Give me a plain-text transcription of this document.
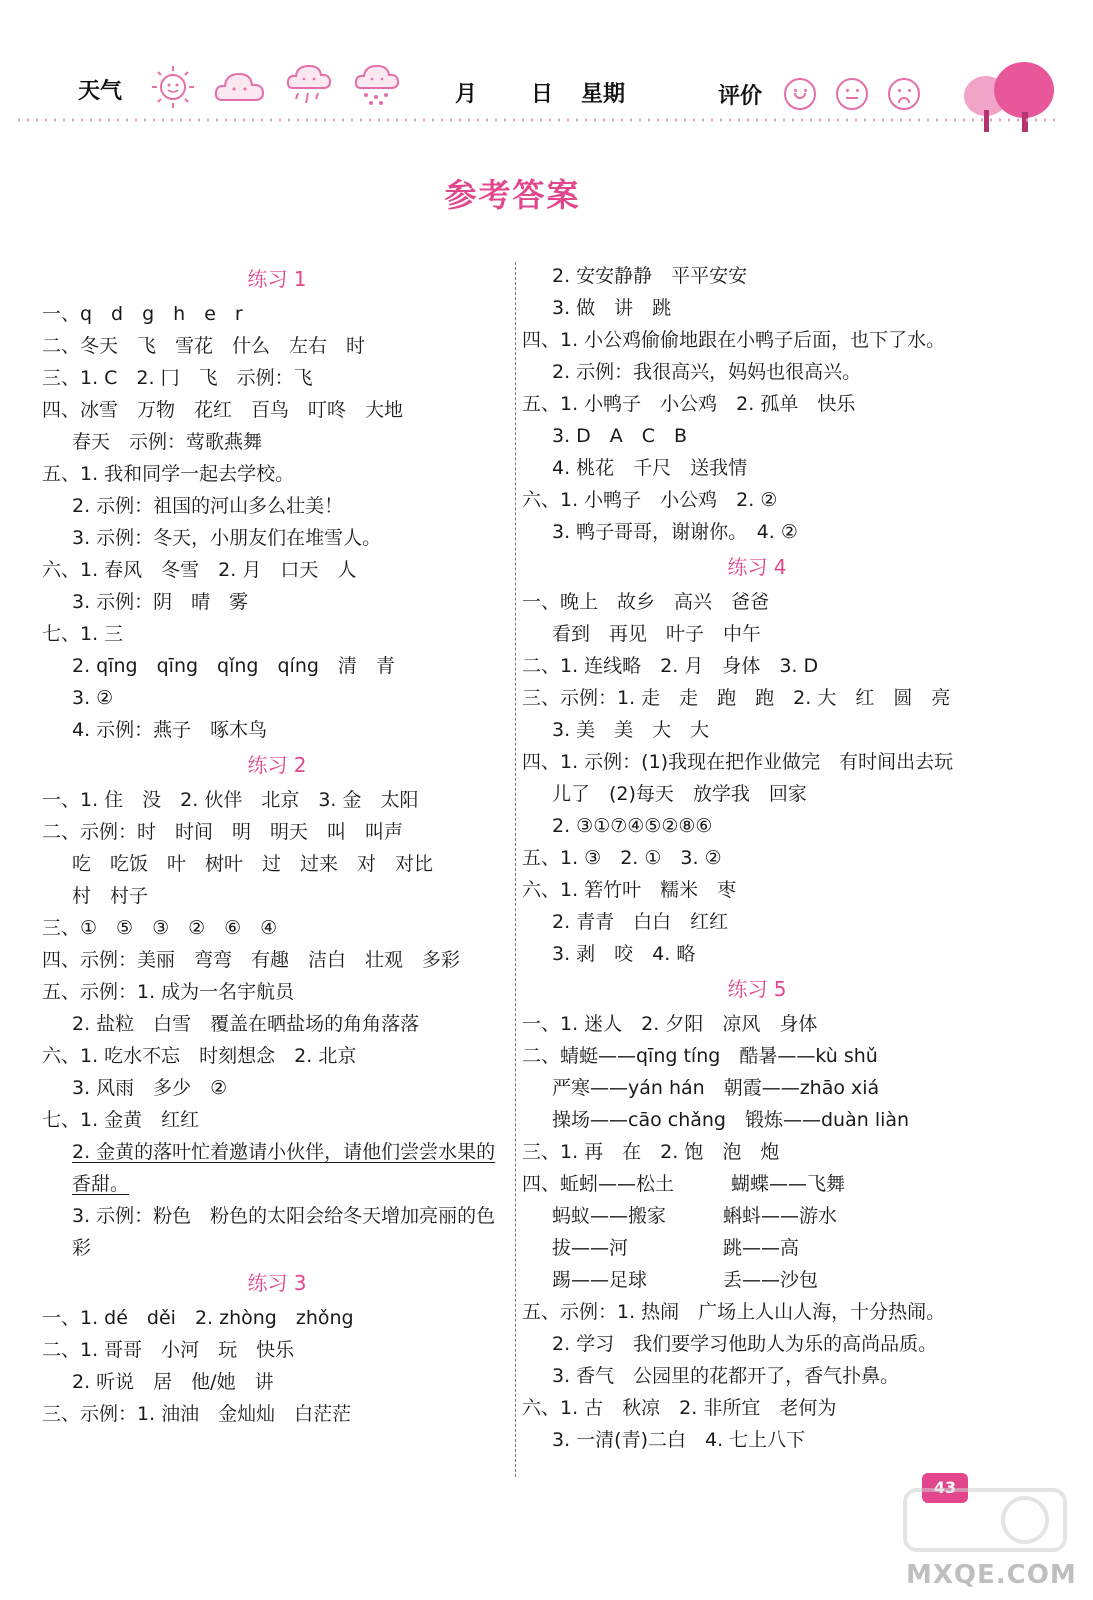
天气	月 日 星期	评价
参考答案
练习 1
一、q　d　g　h　e　r
二、冬天　飞　雪花　什么　左右　时
三、1. C　2. 冂　飞　示例：飞
四、冰雪　万物　花红　百鸟　叮咚　大地
春天　示例：莺歌燕舞
五、1. 我和同学一起去学校。
2. 示例：祖国的河山多么壮美！
3. 示例：冬天，小朋友们在堆雪人。
六、1. 春风　冬雪　2. 月　口天　人
3. 示例：阴　晴　雾
七、1. 三
2. qīng　qīng　qǐng　qíng　清　青
3. ②
4. 示例：燕子　啄木鸟
练习 2
一、1. 住　没　2. 伙伴　北京　3. 金　太阳
二、示例：时　时间　明　明天　叫　叫声
吃　吃饭　叶　树叶　过　过来　对　对比
村　村子
三、①　⑤　③　②　⑥　④
四、示例：美丽　弯弯　有趣　洁白　壮观　多彩
五、示例：1. 成为一名宇航员
2. 盐粒　白雪　覆盖在晒盐场的角角落落
六、1. 吃水不忘　时刻想念　2. 北京
3. 风雨　多少　②
七、1. 金黄　红红
2. 金黄的落叶忙着邀请小伙伴，请他们尝尝水果的香甜。
3. 示例：粉色　粉色的太阳会给冬天增加亮丽的色彩
练习 3
一、1. dé　děi　2. zhòng　zhǒng
二、1. 哥哥　小河　玩　快乐
2. 听说　居　他/她　讲
三、示例：1. 油油　金灿灿　白茫茫
2. 安安静静　平平安安
3. 做　讲　跳
四、1. 小公鸡偷偷地跟在小鸭子后面，也下了水。
2. 示例：我很高兴，妈妈也很高兴。
五、1. 小鸭子　小公鸡　2. 孤单　快乐
3. D　A　C　B
4. 桃花　千尺　送我情
六、1. 小鸭子　小公鸡　2. ②
3. 鸭子哥哥，谢谢你。　4. ②
练习 4
一、晚上　故乡　高兴　爸爸
看到　再见　叶子　中午
二、1. 连线略　2. 月　身体　3. D
三、示例：1. 走　走　跑　跑　2. 大　红　圆　亮
3. 美　美　大　大
四、1. 示例：(1)我现在把作业做完　有时间出去玩
儿了　(2)每天　放学我　回家
2. ③①⑦④⑤②⑧⑥
五、1. ③　2. ①　3. ②
六、1. 箬竹叶　糯米　枣
2. 青青　白白　红红
3. 剥　咬　4. 略
练习 5
一、1. 迷人　2. 夕阳　凉风　身体
二、蜻蜓——qīng tíng　酷暑——kù shǔ
严寒——yán hán　朝霞——zhāo xiá
操场——cāo chǎng　锻炼——duàn liàn
三、1. 再　在　2. 饱　泡　炮
四、蚯蚓——松土　　　蝴蝶——飞舞
蚂蚁——搬家　　　蝌蚪——游水
拔——河　　　　　跳——高
踢——足球　　　　丢——沙包
五、示例：1. 热闹　广场上人山人海，十分热闹。
2. 学习　我们要学习他助人为乐的高尚品质。
3. 香气　公园里的花都开了，香气扑鼻。
六、1. 古　秋凉　2. 非所宜　老何为
3. 一清(青)二白　4. 七上八下
43
MXQE.COM
